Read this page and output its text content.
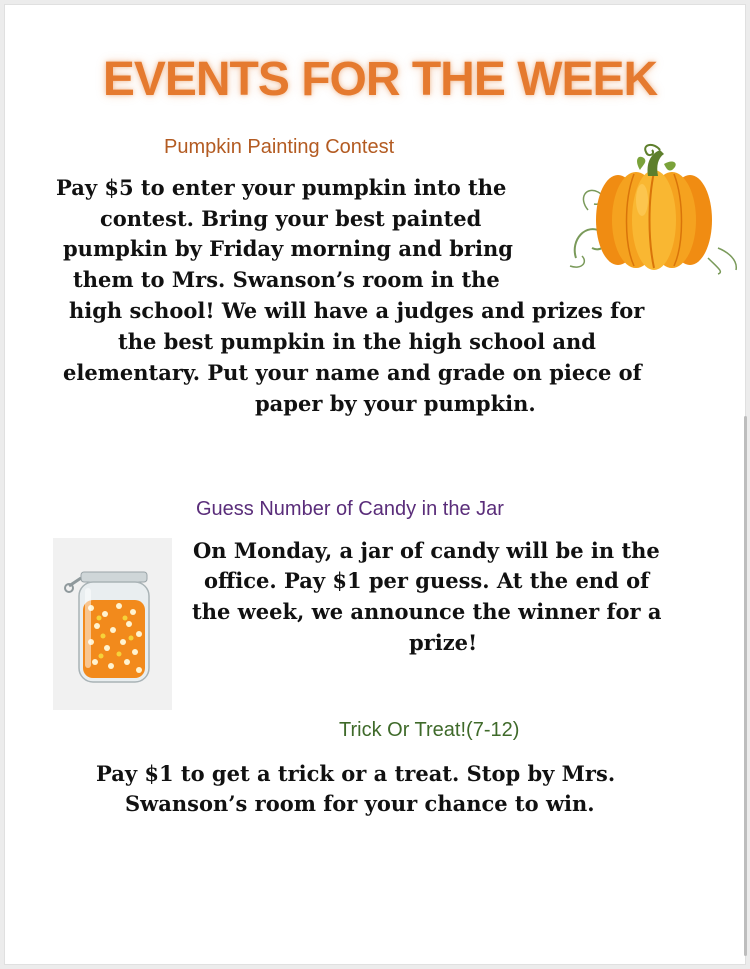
EVENTS FOR THE WEEK
Pumpkin Painting Contest
Pay $5 to enter your pumpkin into the
contest. Bring your best painted
pumpkin by Friday morning and bring
them to Mrs. Swanson’s room in the
high school! We will have a judges and prizes for
the best pumpkin in the high school and
elementary. Put your name and grade on piece of
paper by your pumpkin.
Guess Number of Candy in the Jar
On Monday, a jar of candy will be in the
office. Pay $1 per guess. At the end of
the week, we announce the winner for a
prize!
Trick Or Treat!(7-12)
Pay $1 to get a trick or a treat. Stop by Mrs.
Swanson’s room for your chance to win.
